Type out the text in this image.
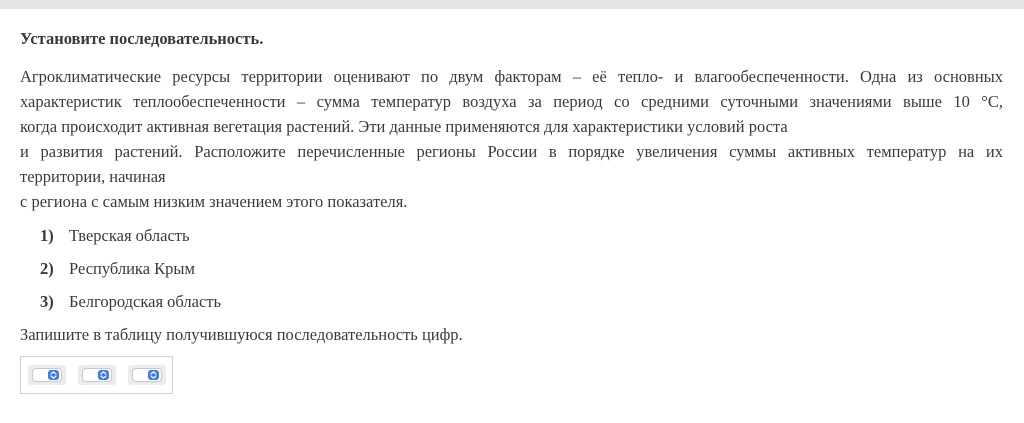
Установите последовательность.

Агроклиматические ресурсы территории оценивают по двум факторам – её тепло- и влагообеспеченности. Одна из основных
характеристик теплообеспеченности – сумма температур воздуха за период со средними суточными значениями выше 10 °С,
когда происходит активная вегетация растений. Эти данные применяются для характеристики условий роста
и развития растений. Расположите перечисленные регионы России в порядке увеличения суммы активных температур на их
территории, начиная
с региона с самым низким значением этого показателя.

1) Тверская область
2) Республика Крым
3) Белгородская область

Запишите в таблицу получившуюся последовательность цифр.
